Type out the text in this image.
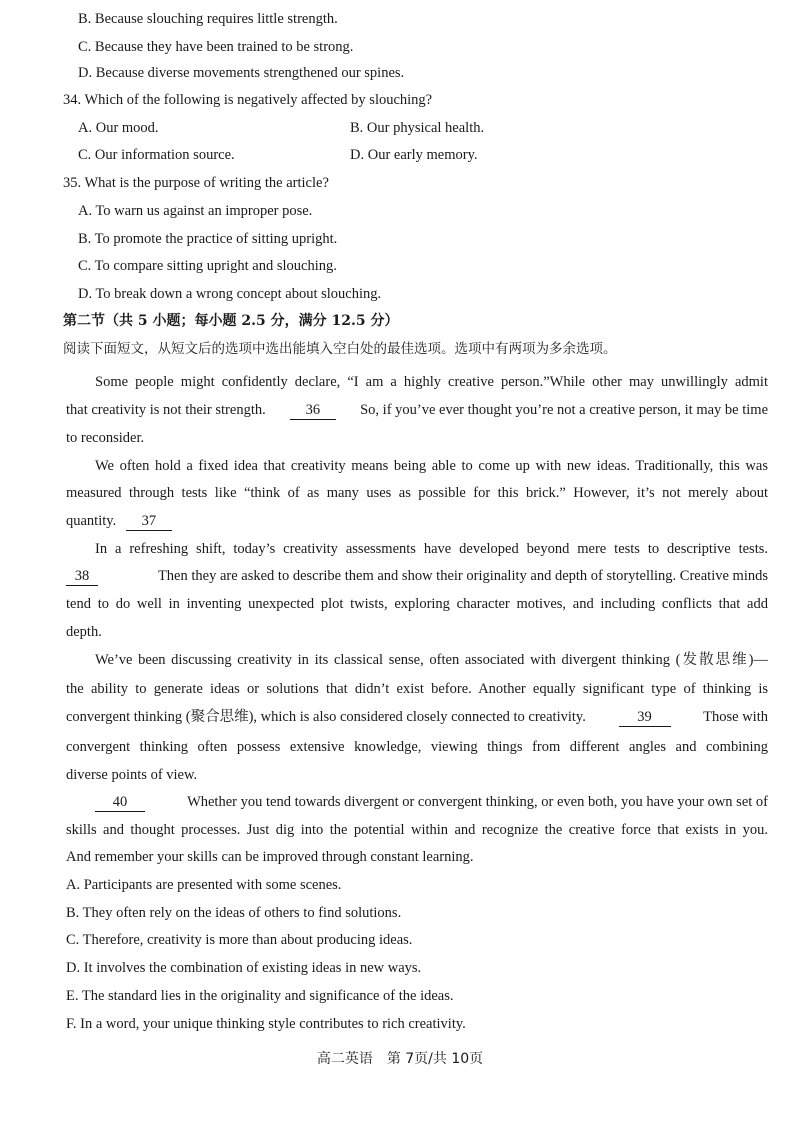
B. Because slouching requires little strength.
C. Because they have been trained to be strong.
D. Because diverse movements strengthened our spines.
34. Which of the following is negatively affected by slouching?
A. Our mood.	B. Our physical health.
C. Our information source.	D. Our early memory.
35. What is the purpose of writing the article?
A. To warn us against an improper pose.
B. To promote the practice of sitting upright.
C. To compare sitting upright and slouching.
D. To break down a wrong concept about slouching.
第二节（共 5 小题；每小题 2.5 分，满分 12.5 分）
阅读下面短文，从短文后的选项中选出能填入空白处的最佳选项。选项中有两项为多余选项。
Some people might confidently declare, “I am a highly creative person.”While other may unwillingly admit
that creativity is not their strength.	36	So, if you’ve ever thought you’re not a creative person, it may be time
to reconsider.
We often hold a fixed idea that creativity means being able to come up with new ideas. Traditionally, this was
measured through tests like “think of as many uses as possible for this brick.” However, it’s not merely about
quantity. 37
In a refreshing shift, today’s creativity assessments have developed beyond mere tests to descriptive tests.
38	Then they are asked to describe them and show their originality and depth of storytelling. Creative minds
tend to do well in inventing unexpected plot twists, exploring character motives, and including conflicts that add
depth.
We’ve been discussing creativity in its classical sense, often associated with divergent thinking (发散思维)—
the ability to generate ideas or solutions that didn’t exist before. Another equally significant type of thinking is
convergent thinking (聚合思维), which is also considered closely connected to creativity.	39	Those with
convergent thinking often possess extensive knowledge, viewing things from different angles and combining
diverse points of view.
40	Whether you tend towards divergent or convergent thinking, or even both, you have your own set of
skills and thought processes. Just dig into the potential within and recognize the creative force that exists in you.
And remember your skills can be improved through constant learning.
A. Participants are presented with some scenes.
B. They often rely on the ideas of others to find solutions.
C. Therefore, creativity is more than about producing ideas.
D. It involves the combination of existing ideas in new ways.
E. The standard lies in the originality and significance of the ideas.
F. In a word, your unique thinking style contributes to rich creativity.
高二英语　第 7页/共 10页
